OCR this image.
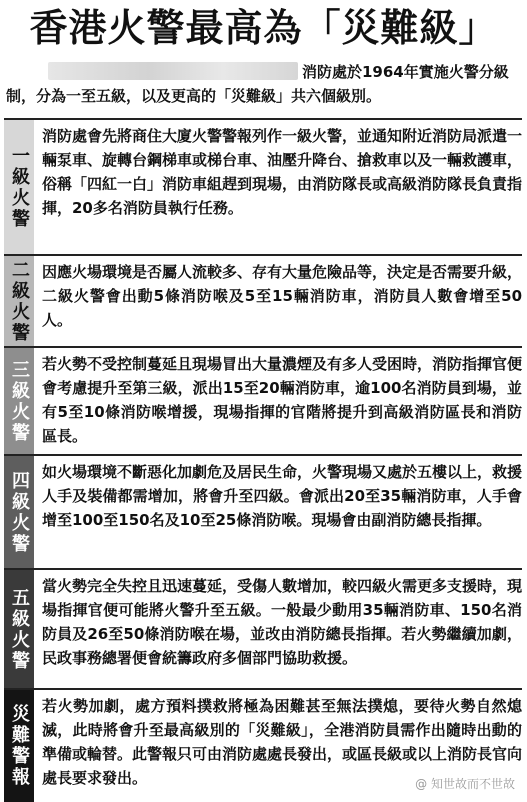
香港火警最高為「災難級」
消防處於1964年實施火警分級制，分為一至五級，以及更高的「災難級」共六個級別。
一級火警
消防處會先將商住大廈火警警報列作一級火警，並通知附近消防局派遣一輛泵車、旋轉台鋼梯車或梯台車、油壓升降台、搶救車以及一輛救護車，俗稱「四紅一白」消防車組趕到現場，由消防隊長或高級消防隊長負責指揮，20多名消防員執行任務。
二級火警 因應火場環境是否屬人流較多、存有大量危險品等，決定是否需要升級，二級火警會出動5條消防喉及5至15輛消防車，消防員人數會增至50人。
三級火警 若火勢不受控制蔓延且現場冒出大量濃煙及有多人受困時，消防指揮官便會考慮提升至第三級，派出15至20輛消防車，逾100名消防員到場，並有5至10條消防喉增援，現場指揮的官階將提升到高級消防區長和消防區長。
四級火警 如火場環境不斷惡化加劇危及居民生命，火警現場又處於五樓以上，救援人手及裝備都需增加，將會升至四級。會派出20至35輛消防車，人手會增至100至150名及10至25條消防喉。現場會由副消防總長指揮。
五級火警
當火勢完全失控且迅速蔓延，受傷人數增加，較四級火需更多支援時，現場指揮官便可能將火警升至五級。一般最少動用35輛消防車、150名消防員及26至50條消防喉在場，並改由消防總長指揮。若火勢繼續加劇，民政事務總署便會統籌政府多個部門協助救援。
災難警報 若火勢加劇，處方預料撲救將極為困難甚至無法撲熄，要待火勢自然熄滅，此時將會升至最高級別的「災難級」，全港消防員需作出隨時出動的準備或輪替。此警報只可由消防處處長發出，或區長級或以上消防長官向處長要求發出。	@ 知世故而不世故
